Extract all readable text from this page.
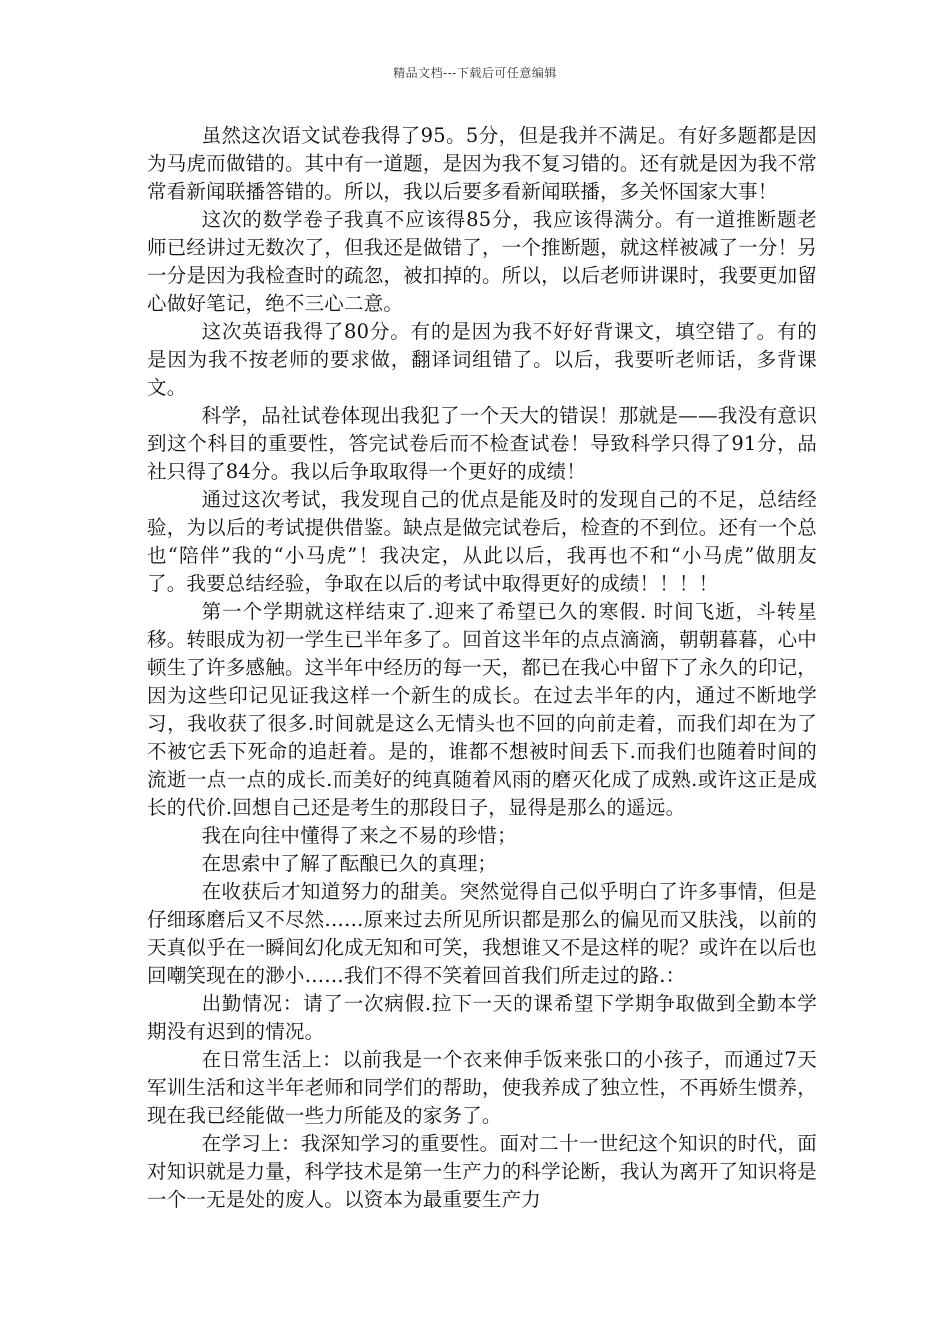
精品文档---下载后可任意编辑

虽然这次语文试卷我得了95。5分，但是我并不满足。有好多题都是因为马虎而做错的。其中有一道题，是因为我不复习错的。还有就是因为我不常常看新闻联播答错的。所以，我以后要多看新闻联播，多关怀国家大事！

这次的数学卷子我真不应该得85分，我应该得满分。有一道推断题老师已经讲过无数次了，但我还是做错了，一个推断题，就这样被减了一分！另一分是因为我检查时的疏忽，被扣掉的。所以，以后老师讲课时，我要更加留心做好笔记，绝不三心二意。

这次英语我得了80分。有的是因为我不好好背课文，填空错了。有的是因为我不按老师的要求做，翻译词组错了。以后，我要听老师话，多背课文。

科学，品社试卷体现出我犯了一个天大的错误！那就是——我没有意识到这个科目的重要性，答完试卷后而不检查试卷！导致科学只得了91分，品社只得了84分。我以后争取取得一个更好的成绩！

通过这次考试，我发现自己的优点是能及时的发现自己的不足，总结经验，为以后的考试提供借鉴。缺点是做完试卷后，检查的不到位。还有一个总也“陪伴”我的“小马虎”！我决定，从此以后，我再也不和“小马虎”做朋友了。我要总结经验，争取在以后的考试中取得更好的成绩！！！！

第一个学期就这样结束了.迎来了希望已久的寒假. 时间飞逝，斗转星移。转眼成为初一学生已半年多了。回首这半年的点点滴滴，朝朝暮暮，心中顿生了许多感触。这半年中经历的每一天，都已在我心中留下了永久的印记，因为这些印记见证我这样一个新生的成长。在过去半年的内，通过不断地学习，我收获了很多.时间就是这么无情头也不回的向前走着，而我们却在为了不被它丢下死命的追赶着。是的，谁都不想被时间丢下.而我们也随着时间的流逝一点一点的成长.而美好的纯真随着风雨的磨灭化成了成熟.或许这正是成长的代价.回想自己还是考生的那段日子，显得是那么的遥远。

我在向往中懂得了来之不易的珍惜；

在思索中了解了酝酿已久的真理；

在收获后才知道努力的甜美。突然觉得自己似乎明白了许多事情，但是仔细琢磨后又不尽然……原来过去所见所识都是那么的偏见而又肤浅，以前的天真似乎在一瞬间幻化成无知和可笑，我想谁又不是这样的呢？或许在以后也回嘲笑现在的渺小……我们不得不笑着回首我们所走过的路.：

出勤情况：请了一次病假.拉下一天的课希望下学期争取做到全勤本学期没有迟到的情况。

在日常生活上：以前我是一个衣来伸手饭来张口的小孩子，而通过7天军训生活和这半年老师和同学们的帮助，使我养成了独立性，不再娇生惯养，现在我已经能做一些力所能及的家务了。

在学习上：我深知学习的重要性。面对二十一世纪这个知识的时代，面对知识就是力量，科学技术是第一生产力的科学论断，我认为离开了知识将是一个一无是处的废人。以资本为最重要生产力
